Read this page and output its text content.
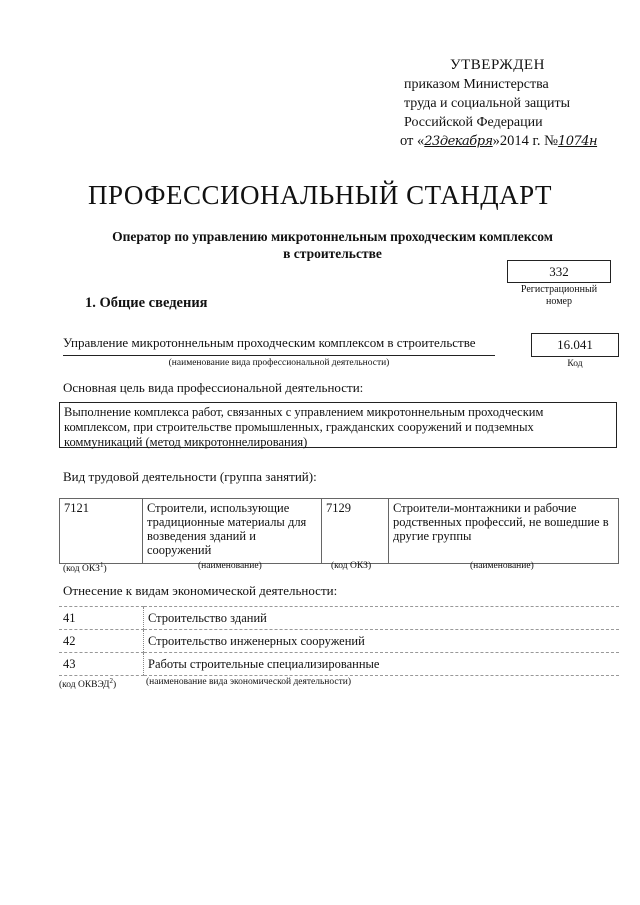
УТВЕРЖДЕН
приказом Министерства
труда и социальной защиты
Российской Федерации
от «23декабря»2014 г. №1074н
ПРОФЕССИОНАЛЬНЫЙ СТАНДАРТ
Оператор по управлению микротоннельным проходческим комплексом
в строительстве
332
Регистрационный
номер
1. Общие сведения
Управление микротоннельным проходческим комплексом в строительстве
(наименование вида профессиональной деятельности)
16.041
Код
Основная цель вида профессиональной деятельности:
Выполнение комплекса работ, связанных с управлением микротоннельным проходческим комплексом, при строительстве промышленных, гражданских сооружений и подземных коммуникаций (метод микротоннелирования)
Вид трудовой деятельности (группа занятий):
7121	Строители, использующие традиционные материалы для возведения зданий и сооружений	7129	Строители-монтажники и рабочие родственных профессий, не вошедшие в другие группы
(код ОКЗ$^1$)	(наименование)	(код ОКЗ)	(наименование)
Отнесение к видам экономической деятельности:
41	Строительство зданий
42	Строительство инженерных сооружений
43	Работы строительные специализированные
(код ОКВЭД$^2$)	(наименование вида экономической деятельности)
